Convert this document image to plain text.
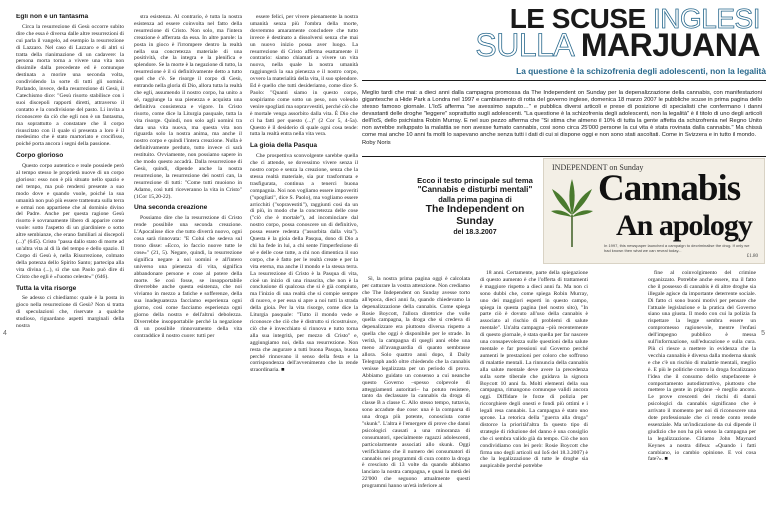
4	5
Egli non è un fantasma

Circa la resurrezione di Gesù occorre subito dire che essa è diversa dalle altre resurrezioni di cui parla il vangelo, ad esempio la resurrezione di Lazzaro. Nel caso di Lazzaro e di altri si tratta della rianimazione di un cadavere: la persona morta torna a vivere una vita non dissimile dalla precedente ed è comunque destinata a morire una seconda volta, condividendo la sorte di tutti gli uomini. Parlando, invece, della resurrezione di Gesù, il Catechismo dice: "Gesù risorto stabilisce con i suoi discepoli rapporti diretti, attraverso il contatto e la condivisione del pasto. Li invita a riconoscere da ciò che egli non è un fantasma, ma soprattutto a constatare che il corpo risuscitato con il quale si presenta a loro è il medesimo che è stato martoriato e crocifisso, poiché porta ancora i segni della passione.

Corpo glorioso

Questo corpo autentico e reale possiede però al tempo stesso le proprietà nuove di un corpo glorioso: esso non è più situato nello spazio e nel tempo, ma può rendersi presente a suo modo dove e quando vuole, poiché la sua umanità non può più essere trattenuta sulla terra e ormai non appartiene che al dominio divino del Padre. Anche per questa ragione Gesù risorto è sovranamente libero di apparire come vuole: sotto l'aspetto di un giardiniere o sotto altre sembianze, che erano familiari ai discepoli (...)" (645). Cristo "passa dallo stato di morte ad un'altra vita al di là del tempo e dello spazio. Il Corpo di Gesù è, nella Risurrezione, colmato della potenza dello Spirito Santo; partecipa alla vita divina (...), sì che san Paolo può dire di Cristo che egli è «l'uomo celeste»" (646).

Tutta la vita risorge

Se adesso ci chiediamo: quale è la posta in gioco nella resurrezione di Gesù? Non si tratta di speculazioni che, riservate a qualche studioso, riguardano aspetti marginali della nostra

stra esistenza. Al contrario, è tutta la nostra esistenza ad essere coinvolta nel fatto della resurrezione di Cristo. Non solo, ma l'intera creazione è afferrata da essa. In altre parole: la posta in gioco è l'irrompere dentro la realtà nella sua concretezza materiale di una positività, che la integra e la plenifica e splendore. Se la morte è la negazione di tutto, la resurrezione è il sì definitivamente detto a tutto quel che c'è. Se risorge il corpo di Gesù, entrando nella gloria di Dio, allora tutta la realtà che egli, assumendo il nostro corpo, ha unito a sé, raggiunge la sua pienezza e acquista una definitiva consistenza e vigore. In Cristo risorto, come dice la Liturgia pasquale, tutta la vita risorge. Quindi, non solo agli uomini tra data una vita nuova, ma questa vita non riguarda solo la nostra anima, ma anche il nostro corpo e quindi l'intera creazione. Nulla è definitivamente perduto, tutto invece ci sarà restituito. Ovviamente, non possiamo sapere in che modo questo accadrà. Dalla resurrezione di Gesù, quindi, dipende anche la nostra resurrezione, la resurrezione dei nostri can, la resurrezione di tutti: "Come tutti muoiono in Adamo, così tutti riceveranno la vita in Cristo" (1Cor 15,20-22).

Una seconda creazione

Possiamo dire che la resurrezione di Cristo rende possibile una seconda creazione. L'Apocalisse dice che tutto diverrà nuovo, ogni cosa sarà rinnovata: "E Colui che sedeva sul trono disse: «Ecco, io faccio nuove tutte le cose»" (21, 5). Negare, quindi, la resurrezione significa negare a noi uomini e all'intero universo una pienezza di vita, significa abbandonare persone e cose al potere della morte. Se così fosse, se insopportabile diverrebbe anche questa esistenza, che noi viviamo in mezzo a fatiche e sofferenze, della sua inadeguatezza facciamo esperienza ogni giorno, così come facciamo esperienza ogni giorno della nostra e dell'altrui debolezza. Diverrebbe insopportabile perché la negazione di un possibile rinnovamento della vita contraddice il nostro cuore: tutti per

essere felici, per vivere pienamente la nostra umanità senza più l'ombra della morte, dovremmo amaramente concludere che tutto invece è destinato a dissolversi senza che mai un nuovo inizio possa aver luogo. La resurrezione di Cristo afferma esattamente il contrario: siamo chiamati a vivere un vita nuova, nella quale la nostra umanità raggiungerà la sua pienezza e il nostro corpo, ovvero la materialità della vita, il suo splendore. Ed è quello che tutti desideriamo, come dice S. Paolo: "Quanti siamo in questo corpo, sospiriamo come sotto un peso, non volendo venire spogliati ma sopravvestiti, perché ciò che è mortale venga assorbito dalla vita. È Dio che ci ha fatti per questo (...)" (2 Cor 5, 4-5a). Questo è il desiderio di quale ogni cosa tende: tutta la realtà entra nella vita vera.

La gioia della Pasqua

Che prospettiva sconvolgente sarebbe quella che ci attende, se dovessimo vivere senza il nostro corpo e senza la creazione, senza che la stessa realtà materiale, sia pur trasformata e trasfigurata, continua a tenerci buona compagnia. Noi non vogliamo essere impoveriti ("spogliati", dice S. Paolo), ma vogliamo essere arricchiti ("sopravestiti"), raggiunti così da un di più, in modo che la concretezza delle cose ("ciò che è mortale"), ad incominciare dal nostro corpo, possa conoscere un di definitivo, possa essere redenta ("assorbita dalla vita"). Questa è la gioia della Pasqua, dono di Dio a chi ha fede in lui, a chi sente l'imperfezione di sé e delle cose tutte, a chi non dimentica il suo corpo, che è fatto per le realtà create e per la vita eterna, ma anche il mondo e la stessa terra. La resurrezione di Cristo è la Pasqua di vita, cioè un inizio di una rinascita, che non è la conclusione di qualcosa che si è già compiuto, ma l'inizio di una realtà che si compie sempre di nuovo, e per essa si apre a noi tutti la strada della gioia. Per la vita risorge, come dice la Liturgia pasquale: "Tutto il mondo vede e riconosce che ciò che è distrutto si ricostruisce, ciò che è invecchiato si rinnova e tutto torna alla sua integrità, per mezzo di Cristo" e, aggiungiamo noi, della sua resurrezione. Non resta che augurare a tutti buona Pasqua, buona perché rinnovano il senso della festa e la corrispondenza dell'avvenimento che la rende straordinaria. ■

LE SCUSE INGLESI
SULLA MARJUANA
La questione è la schizofrenia degli adolescenti, non la legalità
Meglio tardi che mai: a dieci anni dalla campagna promossa da The Independent on Sunday per la depenalizzazione della cannabis, con manifestazioni gigantesche a Hide Park a Londra nel 1997 e cambiamento di rotta del governo inglese, domenica 18 marzo 2007 le pubbliche scuse in prima pagina dello stesso famoso giornale. L'IoS afferma "se avessimo saputo…" e pubblica diversi articoli e prese di posizione di specialisti che confermano i danni devastanti delle droghe "leggere" soprattutto sugli adolescenti. "La questione è la schizofrenia degli adolescenti, non la legalità" è il titolo di uno degli articoli dell'IoS, dello psichiatra Robin Murray. E nel suo pezzo afferma che "Si stima che almeno il 10% di tutta la gente affetta da schizofrenia nel Regno Unito non avrebbe sviluppato la malattia se non avesse fumato cannabis, cosi sono circa 25'000 persone la cui vita è stata rovinata dalla cannabis." Ma chissà come mai anche 10 anni fa molti lo sapevano anche senza tutti i dati di cui si dispone oggi e non sono stati ascoltati. Come in Svizzera e in tutto il mondo.
Roby Noris
Ecco il testo principale sul tema
"Cannabis e disturbi mentali"
dalla prima pagina di
The Independent on Sunday
del 18.3.2007
INDEPENDENT on Sunday
Cannabis
An apology
In 1997, this newspaper launched a campaign to decriminalise the drug. If only we had known then what we can reveal today...
£1.80

Sì, la nostra prima pagina oggi è calcolata per catturare la vostra attenzione. Non crediamo che The Independent on Sunday avesse torto all'epoca, dieci anni fa, quando chiedevamo la depenalizzazione della cannabis. Come spiega Rosie Boycott, l'allora direttrice che volle quella campagna, la droga che si credeva di depenalizzare era piuttosto diversa rispetto a quella che oggi è disponibile per le strade. In verità, la campagna di quegli anni ebbe una meno all'avanguardia di quanto sembrasse allora. Solo quattro anni dopo, il Daily Telegraph andò oltre chiedendo che la cannabis venisse legalizzata per un periodo di prova. Abbiamo guidato un consenso a cui neanche questo Governo –spesso colpevole di atteggiamenti autoritari– ha potuto resistere, tanto da declassare la cannabis da droga di classe B a classe C. Allo stesso tempo, tuttavia, sono accadute due cose: una è la comparsa di una droga più potente, conosciuta come "skunk". L'altra è l'emergere di prove che danni psicologici causati a una minoranza di consumatori, specialmente ragazzi adolescenti, particolarmente associati allo skunk. Oggi verifichiamo che il numero dei consumatori di cannabis nei programmi di cura contro la droga è cresciuto di 13 volte da quando abbiamo lanciato la nostra campagna, e quasi la metà dei 22'000 che seguono attualmente questi programmi hanno un'età inferiore ai

18 anni. Certamente, parte della spiegazione di questo aumento è che l'offerta di trattamenti è maggiore rispetto a dieci anni fa. Ma non ci sono dubbi che, come spiega Robin Murray, uno dei maggiori esperti in questo campo, spiega in questa pagina (nel nostro sito), "In parte ciò è dovuto all'uso della cannabis è associato al rischio di problemi di salute mentale". Un'alta campagna –più recentemente di questo giornale, è stata quella per far nascere una consapevolezza sulle questioni della salute mentale e far pressioni sul Governo perché aumenti le prestazioni per coloro che soffrono di malattie mentali. La rinnuncia della cannabis alla salute mentale deve avere la precedenza sulla sorte tiberale che guidava la signora Boycott 10 anni fa. Molti elementi della sua campagna, rimangono comunque validi ancora oggi. Diffidare le forze di polizia per riccorghiere degli onesti e fondi più ottimi e i legali resa cannabis. La campagna è stato uno sprone. La retorica della "guerra alla droga" distorce la prioritàl'altra fa questo tipo di strategie di riduzione del danno è una consiglio che ci sembra valido già da tempo. Ciò che non condividiamo con lei però: Rosie Boycott che firma uno degli articoli sul IoS del 18.3.2007) è che la legalizzazione di tutte le droghe sia auspicabile perché potrebbe

fine al coinvolgimento del crimine organizzato. Potrebbe anche essere, ma il fatto che il possesso di cannabis è di altre droghe sia illegale agisce da importante deterrente sociale. Di fatto ci sono buoni motivi per pensare che l'attuale legislazione e la pratica del Governo siano una giusta. Il modo con cui la polizia fa rispettare la legge sembra essere un compromesso ragionevole, mentre l'enfasi dell'impegno pubblico è messa sull'informazione, sull'educazione e sulla cura. Più ci riesce a mettere in evidenza che la vecchia cannabis è diversa dalla moderna skunk e che c'è un rischio di malattie mentali, meglio è. E più le politiche contro la droga focalizzano l'idea che il consumo dello stupefacente è comportamento autodistruttivo, piuttosto che mettere la gente in prigione –è meglio ancora. Le prove crescenti dei rischi di danni psicologici da cannabis significano che è arrivato il momento per noi di riconoscere una dote professionale che ci rende conto rende essenziale. Ma un'indicazione da cui dipende il giudizio che non ha più senso la campagna per la legalizzazione. Citiamo John Maynard Keynes a nostra difesa: «Quando i fatti cambiano, io cambio opinione. E voi cosa fate?». ■
